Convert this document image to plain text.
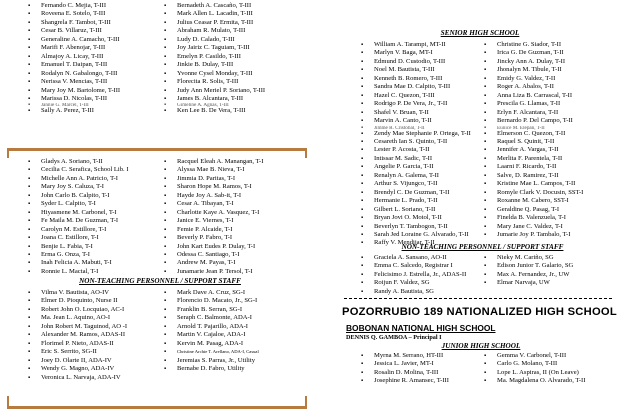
▪ Fernando C. Mejia, T-III
▪ Roveena E. Sotelo, T-III
▪ Shangrela F. Tambot, T-III
▪ Cesar B. Villaruz, T-III
▪ Generaline A. Camacho, T-III
▪ Marifi F. Abenojar, T-III
▪ Almajoy A. Licay, T-III
▪ Emanuel T. Daipan, T-III
▪ Rodalyn N. Gabalongo, T-III
▪ Nerissa V. Mencias, T-III
▪ Mary Joy M. Bartolome, T-III
▪ Marissa D. Nicolas, T-III
▪ Jannie G. Marcel, T-III
▪ Sally A. Perez, T-III
▪ Bernadeth A. Cascaño, T-III
▪ Mark Allen L. Lacadin, T-III
▪ Julius Ceasar P. Ermita, T-III
▪ Abraham R. Mulato, T-III
▪ Ludy D. Calado, T-III
▪ Joy Jairiz C. Taguiam, T-III
▪ Emelyn P. Casildo, T-III
▪ Jinkie B. Dulay, T-III
▪ Yvonne Cysel Monday, T-III
▪ Florecita R. Solis, T-III
▪ Judy Ann Meriel P. Soriano, T-III
▪ James B. Alcantara, T-III
▪ Gimeline A. Agnas, T-III
▪ Ken Lee B. De Vera, T-III
▪ Gladys A. Soriano, T-II
▪ Cecilia C. Serafica, School Lib. I
▪ Michelle Ann A. Patricio, T-I
▪ Mary Joy S. Caluza, T-I
▪ John Carlo B. Calpito, T-I
▪ Syder L. Calpito, T-I
▪ Hiyasmene M. Carbonel, T-I
▪ Fe Maila M. De Guzman, T-I
▪ Carolyn M. Estillore, T-I
▪ Joana C. Estillore, T-I
▪ Benjie L. Fabia, T-I
▪ Erma G. Onza, T-I
▪ Inah Felicia A. Mabuti, T-I
▪ Ronnie L. Mactal, T-I
▪ Racquel Eleah A. Manangan, T-I
▪ Alyssa Mae B. Nieva, T-I
▪ Jimmia D. Paritas, T-I
▪ Sharon Hope M. Ramos, T-I
▪ Hayde Joy A. Sab-it, T-I
▪ Cesar A. Tibayan, T-I
▪ Charlotte Kaye A. Vasquez, T-I
▪ Janice E. Viernes, T-I
▪ Femie P. Alcaide, T-I
▪ Beverly P. Fabro, T-I
▪ John Kart Eudes P. Dulay, T-I
▪ Odessa C. Santiago, T-I
▪ Andrew M. Payas, T-I
▪ Junamarie Jean P. Tersol, T-I
NON-TEACHING PERSONNEL / SUPPORT STAFF
▪ Vilma V. Bautista, AO-IV
▪ Elmer D. Pioquinto, Nurse II
▪ Robert John O. Locquiao, AC-I
▪ Ma. Jean L. Aquino, AO-I
▪ John Robert M. Taguinod, AO -I
▪ Alexander M. Ramos, ADAS-II
▪ Florimel P. Nieto, ADAS-II
▪ Eric S. Serrito, SG-II
▪ Joey D. Olarte II, ADA-IV
▪ Wendy G. Magno, ADA-IV
▪ Veronica L. Narvaja, ADA-IV
▪ Mark Dave A. Cruz, SG-I
▪ Florencio D. Macato, Jr., SG-I
▪ Franklin B. Serran, SG-I
▪ Seraph C. Balmonte, ADA-I
▪ Arnold T. Pajarillo, ADA-I
▪ Martin V. Cajaloe, ADA-I
▪ Kervin M. Pasag, ADA-I
▪ Christine Archie T. Arellano, ADA-I, Casual
▪ Jeremias S. Parras, Jr., Utility
▪ Bernabe D. Fabro, Utility
SENIOR HIGH SCHOOL
▪ William A. Tarampi, MT-II
▪ Marlyn V. Baga, MT-I
▪ Edmund D. Custodio, T-III
▪ Noel M. Bautista, T-III
▪ Kenneth B. Romero, T-III
▪ Sandra Mae D. Calpito, T-III
▪ Hazel C. Quezon, T-III
▪ Rodrigo P. De Vera, Jr., T-II
▪ Shafel V. Bruan, T-II
▪ Marvin A. Canto, T-II
▪ Jimme R. Cristobal, T-II
▪ Zendy Mae Stephanie P. Ortega, T-II
▪ Cesareth Ian S. Quinto, T-II
▪ Lester P. Acosta, T-II
▪ Intissar M. Sadic, T-II
▪ Angelie P. Garcia, T-II
▪ Renalyn A. Galema, T-II
▪ Arthur S. Vijungco, T-II
▪ Brendyl C. De Guzman, T-II
▪ Hermanie L. Prado, T-II
▪ Gilbert L. Soriano, T-II
▪ Bryan Jovi O. Motol, T-II
▪ Beverlyn T. Tambogon, T-II
▪ Sarah Jed Loraine G. Alvarado, T-II
▪ Raffy V. Mendijar, T-II
▪ Christine G. Siador, T-II
▪ Irica G. De Guzman, T-II
▪ Jincky Ann A. Dulay, T-II
▪ Jhonalyn M. Tibule, T-II
▪ Emidy G. Valdez, T-II
▪ Roger A. Abalos, T-II
▪ Anna Liza B. Carrascal, T-II
▪ Prescila G. Llamas, T-II
▪ Erlyn F. Alcantara, T-II
▪ Bernardo P. Del Campo, T-II
▪ Eunice M. Elepan, T-II
▪ Elmerson C. Quezon, T-II
▪ Raquel S. Quinit, T-II
▪ Jennifer A. Vargas, T-II
▪ Merlita F. Parentela, T-II
▪ Laarni F. Ricardo, T-II
▪ Salve, D. Ramirez, T-II
▪ Kristine Mae L. Campos, T-II
▪ Romyle Clark V. Docusin, SST-I
▪ Roxanne M. Cabero, SST-I
▪ Geraldine Q. Pasag, T-I
▪ Finelda B. Valenzuela, T-I
▪ Mary Jane C. Valdez, T-I
▪ Jumarie Joy P. Tambalo, T-I
NON-TEACHING PERSONNEL / SUPPORT STAFF
▪ Graciela A. Sansano, AO-II
▪ Emma C. Salcedo, Registrar I
▪ Felicisimo J. Estrella, Jr., ADAS-II
▪ Roijun F. Valdez, SG
▪ Randy A. Bautista, SG
▪ Nieky M. Cariño, SG
▪ Edison Junior T. Galario, SG
▪ Max A. Fernandez, Jr., UW
▪ Elmar Narvaja, UW
POZORRUBIO 189 NATIONALIZED HIGH SCHOOL
BOBONAN NATIONAL HIGH SCHOOL
DENNIS Q. GAMBOA – Principal I
JUNIOR HIGH SCHOOL
▪ Myrna M. Serrano, HT-III
▪ Jessica L. Javier, MT-I
▪ Rosalin D. Molina, T-III
▪ Josephine R. Amansec, T-III
▪ Gemma V. Carbonel, T-III
▪ Carlo G. Molano, T-III
▪ Lope L. Aspiras, II (On Leave)
▪ Ma. Magdalena O. Alvarado, T-II
